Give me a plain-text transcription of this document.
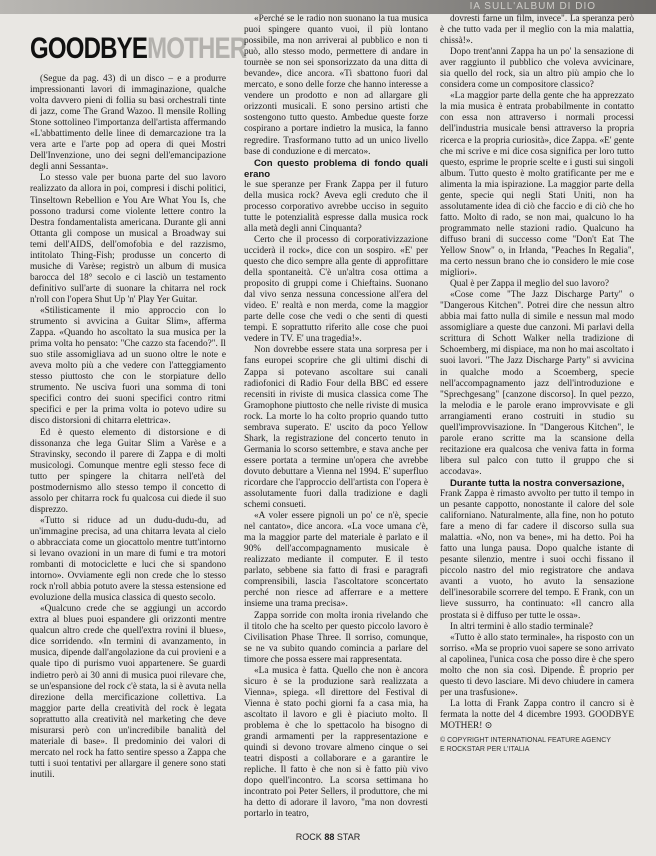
IA SULL'ALBUM DI DIO
GOODBYEMOTHER

(Segue da pag. 43) di un disco – e a produrre impressionanti lavori di immaginazione, qualche volta davvero pieni di follia su basi orchestrali tinte di jazz, come The Grand Wazoo. Il mensile Rolling Stone sottolineo l'importanza dell'artista affermando «L'abbattimento delle linee di demarcazione tra la vera arte e l'arte pop ad opera di quei Mostri Dell'Invenzione, uno dei segni dell'emancipazione degli anni Sessanta».

Lo stesso vale per buona parte del suo lavoro realizzato da allora in poi, compresi i dischi politici, Tinseltown Rebellion e You Are What You Is, che possono tradursi come violente lettere contro la Destra fondamentalista americana. Durante gli anni Ottanta gli compose un musical a Broadway sui temi dell'AIDS, dell'omofobia e del razzismo, intitolato Thing-Fish; produsse un concerto di musiche di Varèse; registrò un album di musica barocca del 18° secolo e ci lasciò un testamento definitivo sull'arte di suonare la chitarra nel rock n'roll con l'opera Shut Up 'n' Play Yer Guitar.

«Stilisticamente il mio approccio con lo strumento si avvicina a Guitar Slim», afferma Zappa. «Quando ho ascoltato la sua musica per la prima volta ho pensato: "Che cazzo sta facendo?". Il suo stile assomigliava ad un suono oltre le note e aveva molto più a che vedere con l'atteggiamento stesso piuttosto che con le storpiature dello strumento. Ne usciva fuori una somma di toni specifici contro dei suoni specifici contro ritmi specifici e per la prima volta io potevo udire su disco distorsioni di chitarra elettrica».

Ed è questo elemento di distorsione e di dissonanza che lega Guitar Slim a Varèse e a Stravinsky, secondo il parere di Zappa e di molti musicologi. Comunque mentre egli stesso fece di tutto per spingere la chitarra nell'età del postmodernismo allo stesso tempo il concetto di assolo per chitarra rock fu qualcosa cui diede il suo disprezzo.

«Tutto si riduce ad un dudu-dudu-du, ad un'immagine precisa, ad una chitarra levata al cielo o abbracciata come un giocattolo mentre tutt'intorno si levano ovazioni in un mare di fumi e tra motori rombanti di motociclette e luci che si spandono intorno». Ovviamente egli non crede che lo stesso rock n'roll abbia potuto avere la stessa estensione ed evoluzione della musica classica di questo secolo.

«Qualcuno crede che se aggiungi un accordo extra al blues puoi espandere gli orizzonti mentre qualcun altro crede che quell'extra rovini il blues», dice sorridendo. «In termini di avanzamento, in musica, dipende dall'angolazione da cui provieni e a quale tipo di purismo vuoi appartenere. Se guardi indietro però ai 30 anni di musica puoi rilevare che, se un'espansione del rock c'è stata, la si è avuta nella direzione della mercificazione collettiva. La maggior parte della creatività del rock è legata soprattutto alla creatività nel marketing che deve misurarsi però con un'incredibile banalità del materiale di base». Il predominio dei valori di mercato nel rock ha fatto sentire spesso a Zappa che tutti i suoi tentativi per allargare il genere sono stati inutili.

«Perché se le radio non suonano la tua musica puoi spingere quanto vuoi, il più lontano possibile, ma non arriverai al pubblico e non ti può, allo stesso modo, permettere di andare in tournèe se non sei sponsorizzato da una ditta di bevande», dice ancora. «Ti sbattono fuori dal mercato, e sono delle forze che hanno interesse a vendere un prodotto e non ad allargare gli orizzonti musicali. E sono persino artisti che sostengono tutto questo. Ambedue queste forze cospirano a portare indietro la musica, la fanno regredire. Trasformano tutto ad un unico livello base di conduzione e di mercato».

Con questo problema di fondo quali erano

le sue speranze per Frank Zappa per il futuro della musica rock? Aveva egli creduto che il processo corporativo avrebbe ucciso in seguito tutte le potenzialità espresse dalla musica rock alla metà degli anni Cinquanta?

Certo che il processo di corporativizzazione ucciderà il rock», dice con un sospiro. «E' per questo che dico sempre alla gente di approfittare della spontaneità. C'è un'altra cosa ottima a proposito di gruppi come i Chieftains. Suonano dal vivo senza nessuna concessione all'era del video. E' realtà e non merda, come la maggior parte delle cose che vedi o che senti di questi tempi. E soprattutto riferito alle cose che puoi vedere in TV. E' una tragedia!».

Non dovrebbe essere stata una sorpresa per i fans europei scoprire che gli ultimi dischi di Zappa si potevano ascoltare sui canali radiofonici di Radio Four della BBC ed essere recensiti in riviste di musica classica come The Gramophone piuttosto che nelle riviste di musica rock. La morte lo ha colto proprio quando tutto sembrava superato. E' uscito da poco Yellow Shark, la registrazione del concerto tenuto in Germania lo scorso settembre, e stava anche per essere portata a termine un'opera che avrebbe dovuto debuttare a Vienna nel 1994. E' superfluo ricordare che l'approccio dell'artista con l'opera è assolutamente fuori dalla tradizione e dagli schemi consueti.

«A voler essere pignoli un po' ce n'è, specie nel cantato», dice ancora. «La voce umana c'è, ma la maggior parte del materiale è parlato e il 90% dell'accompagnamento musicale è realizzato mediante il computer. E il testo parlato, sebbene sia fatto di frasi e paragrafi comprensibili, lascia l'ascoltatore sconcertato perché non riesce ad afferrare e a mettere insieme una trama precisa».

Zappa sorride con molta ironia rivelando che il titolo che ha scelto per questo piccolo lavoro è Civilisation Phase Three. Il sorriso, comunque, se ne va subito quando comincia a parlare del timore che possa essere mai rappresentata.

«La musica è fatta. Quello che non è ancora sicuro è se la produzione sarà realizzata a Vienna», spiega. «Il direttore del Festival di Vienna è stato pochi giorni fa a casa mia, ha ascoltato il lavoro e gli è piaciuto molto. Il problema è che lo spettacolo ha bisogno di grandi armamenti per la rappresentazione e quindi si devono trovare almeno cinque o sei teatri disposti a collaborare e a garantire le repliche. Il fatto è che non si è fatto più vivo dopo quell'incontro. La scorsa settimana ho incontrato poi Peter Sellers, il produttore, che mi ha detto di adorare il lavoro, "ma non dovresti portarlo in teatro,

dovresti farne un film, invece". La speranza però è che tutto vada per il meglio con la mia malattia, chissà!».

Dopo trent'anni Zappa ha un po' la sensazione di aver raggiunto il pubblico che voleva avvicinare, sia quello del rock, sia un altro più ampio che lo considera come un compositore classico?

«La maggior parte della gente che ha apprezzato la mia musica è entrata probabilmente in contatto con essa non attraverso i normali processi dell'industria musicale bensì attraverso la propria ricerca e la propria curiosità», dice Zappa. «E' gente che mi scrive e mi dice cosa significa per loro tutto questo, esprime le proprie scelte e i gusti sui singoli album. Tutto questo è molto gratificante per me e alimenta la mia ispirazione. La maggior parte della gente, specie qui negli Stati Uniti, non ha assolutamente idea di ciò che faccio e di ciò che ho fatto. Molto di rado, se non mai, qualcuno lo ha programmato nelle stazioni radio. Qualcuno ha diffuso brani di successo come "Don't Eat The Yellow Snow" o, in Irlanda, "Peaches In Regalia", ma certo nessun brano che io considero le mie cose migliori».

Qual è per Zappa il meglio del suo lavoro?

«Cose come "The Jazz Discharge Party" o "Dangerous Kitchen". Potrei dire che nessun altro abbia mai fatto nulla di simile e nessun mal modo assomigliare a queste due canzoni. Mi parlavi della scrittura di Schott Walker nella tradizione di Schoemberg, mi dispiace, ma non ho mai ascoltato i suoi lavori. "The Jazz Discharge Party" si avvicina in qualche modo a Scoemberg, specie nell'accompagnamento jazz dell'introduzione e "Sprechgesang" [canzone discorso]. In quel pezzo, la melodia e le parole erano improvvisate e gli arrangiamenti erano costruiti in studio su quell'improvvisazione. In "Dangerous Kitchen", le parole erano scritte ma la scansione della recitazione era qualcosa che veniva fatta in forma libera sul palco con tutto il gruppo che si accodava».

Durante tutta la nostra conversazione,

Frank Zappa è rimasto avvolto per tutto il tempo in un pesante cappotto, nonostante il calore del sole californiano. Naturalmente, alla fine, non ho potuto fare a meno di far cadere il discorso sulla sua malattia. «No, non va bene», mi ha detto. Poi ha fatto una lunga pausa. Dopo qualche istante di pesante silenzio, mentre i suoi occhi fissano il piccolo nastro del mio registratore che andava avanti a vuoto, ho avuto la sensazione dell'inesorabile scorrere del tempo. E Frank, con un lieve sussurro, ha continuato: «Il cancro alla prostata si è diffuso per tutte le ossa».

In altri termini è allo stadio terminale?

«Tutto è allo stato terminale», ha risposto con un sorriso. «Ma se proprio vuoi sapere se sono arrivato al capolinea, l'unica cosa che posso dire è che spero molto che non sia così. Dipende. È proprio per questo ti devo lasciare. Mi devo chiudere in camera per una trasfusione».

La lotta di Frank Zappa contro il cancro si è fermata la notte del 4 dicembre 1993. GOODBYE MOTHER! ⊙

© COPYRIGHT INTERNATIONAL FEATURE AGENCY
E ROCKSTAR PER L'ITALIA
ROCK 88 STAR
